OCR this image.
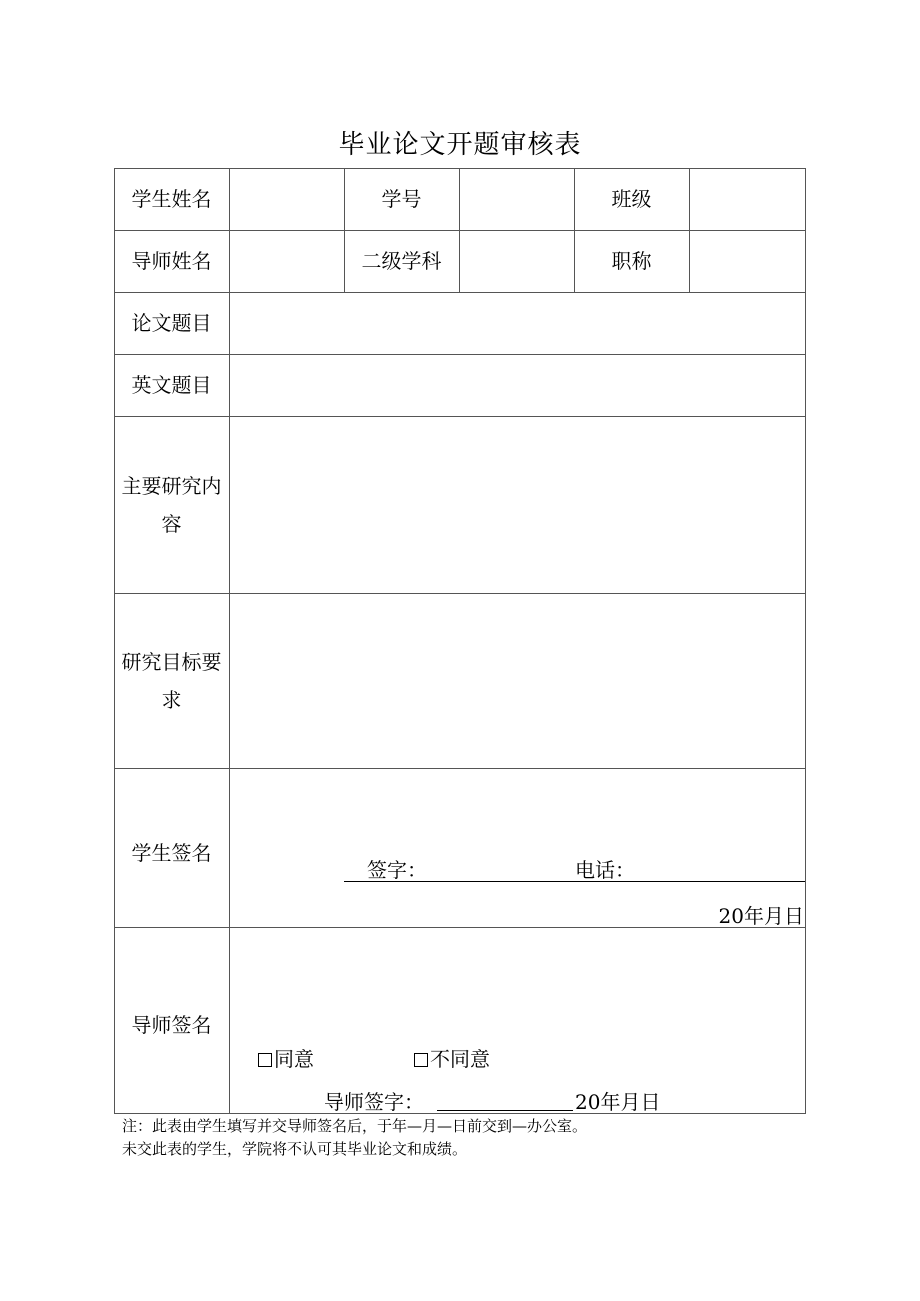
毕业论文开题审核表
学生姓名	学号	班级
导师姓名	二级学科	职称
论文题目
英文题目
主要研究内容
研究目标要求
学生签名
签字：	电话：
20年月日
导师签名
同意	不同意
导师签字：	20年月日
注：此表由学生填写并交导师签名后，于年—月—日前交到—办公室。
未交此表的学生，学院将不认可其毕业论文和成绩。
